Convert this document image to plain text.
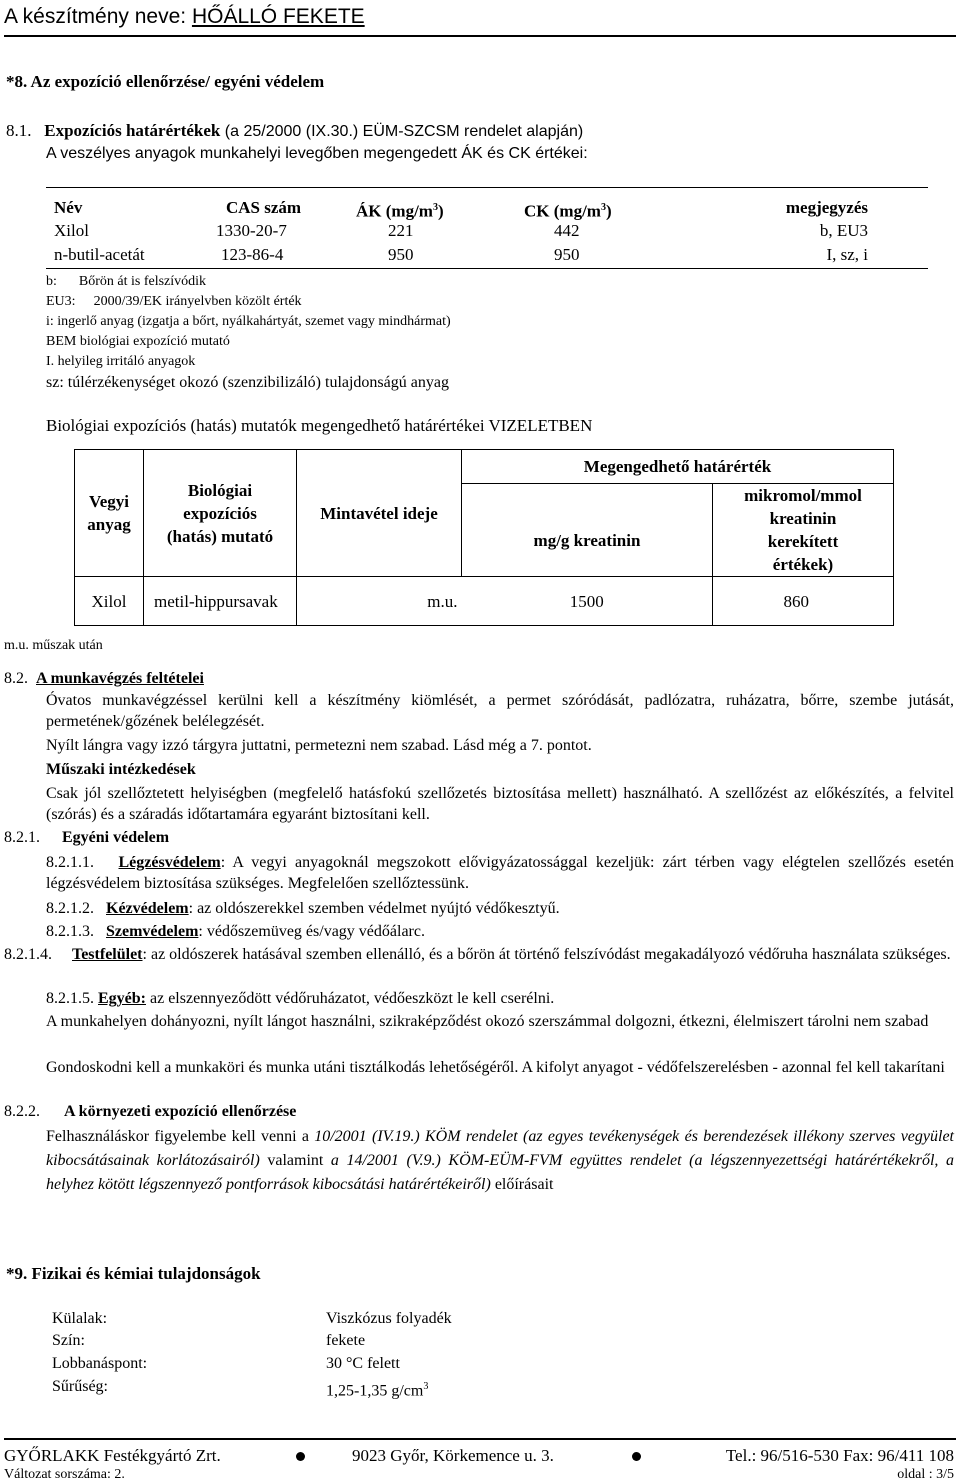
A készítmény neve: HŐÁLLÓ FEKETE
*8. Az expozíció ellenőrzése/ egyéni védelem
8.1. Expozíciós határértékek (a 25/2000 (IX.30.) EÜM-SZCSM rendelet alapján)
A veszélyes anyagok munkahelyi levegőben megengedett ÁK és CK értékei:
Név	CAS szám	ÁK $(mg/m^3)$	CK $(mg/m^3)$	megjegyzés
Xilol	1330-20-7	221	442	b, EU3
n-butil-acetát	123-86-4	950	950	I, sz, i
b: Bőrön át is felszívódik
EU3: 2000/39/EK irányelvben közölt érték
i: ingerlő anyag (izgatja a bőrt, nyálkahártyát, szemet vagy mindhármat)
BEM biológiai expozíció mutató
I. helyileg irritáló anyagok
sz: túlérzékenységet okozó (szenzibilizáló) tulajdonságú anyag
Biológiai expozíciós (hatás) mutatók megengedhető határértékei VIZELETBEN
Vegyi anyag	Biológiai expozíciós (hatás) mutató	Mintavétel ideje	Megengedhető határérték	
			mg/g kreatinin	mikromol/mmol kreatinin kerekített értékek)
Xilol	metil-hippursavak	m.u.	1500	860
m.u. műszak után
8.2. A munkavégzés feltételei
Óvatos munkavégzéssel kerülni kell a készítmény kiömlését, a permet szóródását, padlózatra, ruházatra, bőrre, szembe jutását, permetének/gőzének belélegzését.
Nyílt lángra vagy izzó tárgyra juttatni, permetezni nem szabad. Lásd még a 7. pontot.
Műszaki intézkedések
Csak jól szellőztetett helyiségben (megfelelő hatásfokú szellőzetés biztosítása mellett) használható. A szellőzést az előkészítés, a felvitel (szórás) és a száradás időtartamára egyaránt biztosítani kell.
8.2.1. Egyéni védelem
8.2.1.1. Légzésvédelem: A vegyi anyagoknál megszokott elővigyázatossággal kezeljük: zárt térben vagy elégtelen szellőzés esetén légzésvédelem biztosítása szükséges. Megfelelően szellőztessünk.
8.2.1.2. Kézvédelem: az oldószerekkel szemben védelmet nyújtó védőkesztyű.
8.2.1.3. Szemvédelem: védőszemüveg és/vagy védőálarc.
8.2.1.4. Testfelület: az oldószerek hatásával szemben ellenálló, és a bőrön át történő felszívódást megakadályozó védőruha használata szükséges.
8.2.1.5. Egyéb: az elszennyeződött védőruházatot, védőeszközt le kell cserélni.
A munkahelyen dohányozni, nyílt lángot használni, szikraképződést okozó szerszámmal dolgozni, étkezni, élelmiszert tárolni nem szabad
Gondoskodni kell a munkaköri és munka utáni tisztálkodás lehetőségéről. A kifolyt anyagot - védőfelszerelésben - azonnal fel kell takarítani
8.2.2. A környezeti expozíció ellenőrzése
Felhasználáskor figyelembe kell venni a 10/2001 (IV.19.) KÖM rendelet (az egyes tevékenységek és berendezések illékony szerves vegyület kibocsátásainak korlátozásairól) valamint a 14/2001 (V.9.) KÖM-EÜM-FVM együttes rendelet (a légszennyezettségi határértékekről, a helyhez kötött légszennyező pontforrások kibocsátási határértékeiről) előírásait
*9. Fizikai és kémiai tulajdonságok
Külalak:	Viszkózus folyadék
Szín:	fekete
Lobbanáspont:	30 °C felett
Sűrűség:	1,25-1,35 $g/cm^3$
GYŐRLAKK Festékgyártó Zrt.	9023 Győr, Körkemence u. 3.	Tel.: 96/516-530 Fax: 96/411 108
Változat sorszáma: 2.	oldal : 3/5
